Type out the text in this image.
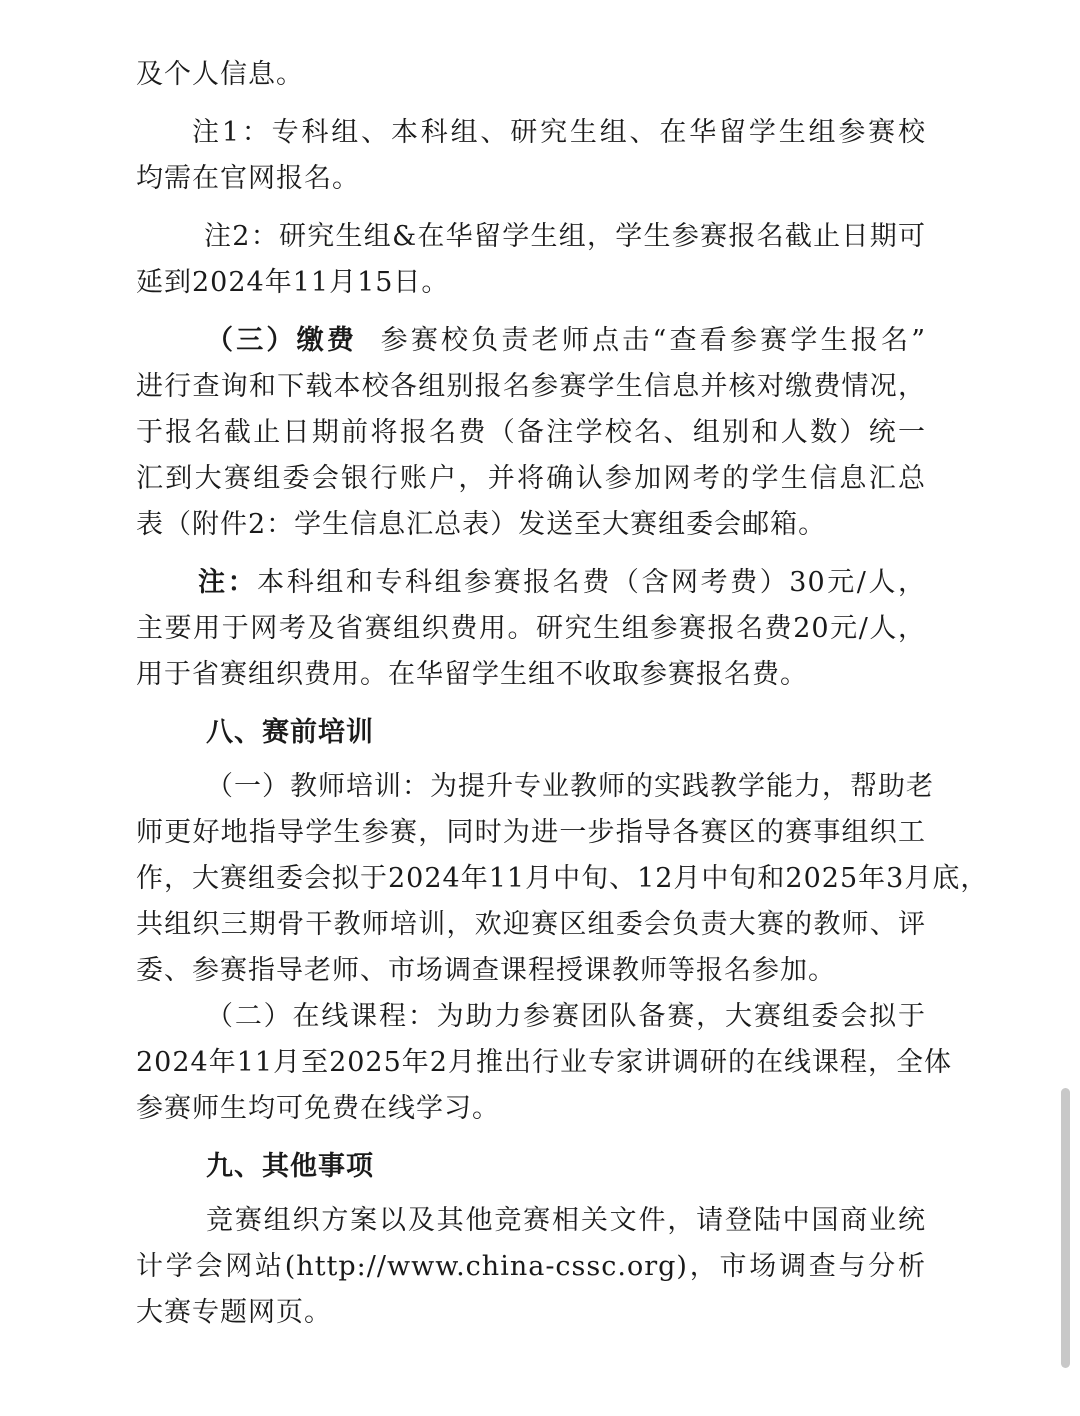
及个人信息。
注1：专科组、本科组、研究生组、在华留学生组参赛校
均需在官网报名。
注2：研究生组&在华留学生组，学生参赛报名截止日期可
延到2024年11月15日。
（三）缴费 参赛校负责老师点击“查看参赛学生报名”
进行查询和下载本校各组别报名参赛学生信息并核对缴费情况，
于报名截止日期前将报名费（备注学校名、组别和人数）统一
汇到大赛组委会银行账户，并将确认参加网考的学生信息汇总
表（附件2：学生信息汇总表）发送至大赛组委会邮箱。
注：本科组和专科组参赛报名费（含网考费）30元/人，
主要用于网考及省赛组织费用。研究生组参赛报名费20元/人，
用于省赛组织费用。在华留学生组不收取参赛报名费。
八、赛前培训
（一）教师培训：为提升专业教师的实践教学能力，帮助老
师更好地指导学生参赛，同时为进一步指导各赛区的赛事组织工
作，大赛组委会拟于2024年11月中旬、12月中旬和2025年3月底，
共组织三期骨干教师培训，欢迎赛区组委会负责大赛的教师、评
委、参赛指导老师、市场调查课程授课教师等报名参加。
（二）在线课程：为助力参赛团队备赛，大赛组委会拟于
2024年11月至2025年2月推出行业专家讲调研的在线课程，全体
参赛师生均可免费在线学习。
九、其他事项
竞赛组织方案以及其他竞赛相关文件，请登陆中国商业统
计学会网站(http://www.china-cssc.org)，市场调查与分析
大赛专题网页。
